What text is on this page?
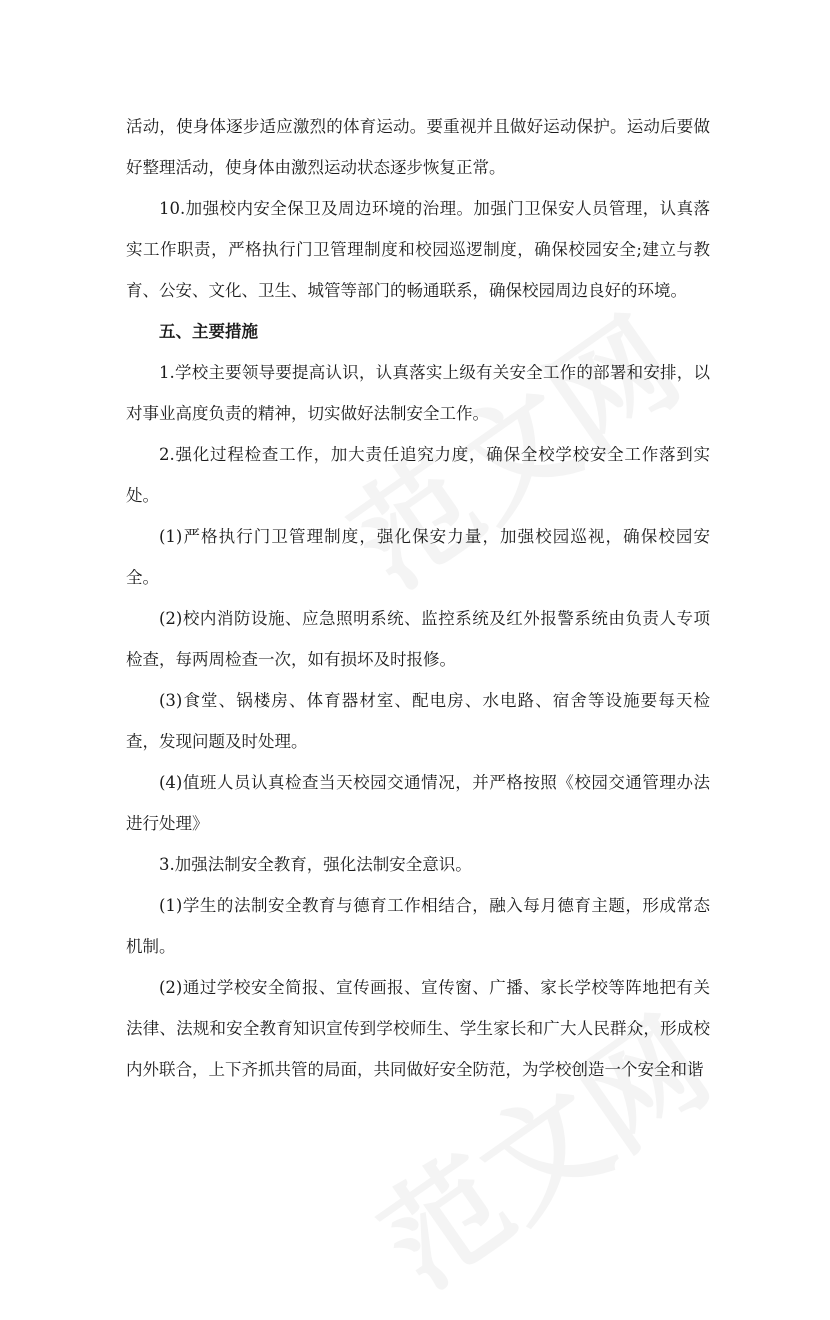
活动，使身体逐步适应激烈的体育运动。要重视并且做好运动保护。运动后要做好整理活动，使身体由激烈运动状态逐步恢复正常。

10.加强校内安全保卫及周边环境的治理。加强门卫保安人员管理，认真落实工作职责，严格执行门卫管理制度和校园巡逻制度，确保校园安全;建立与教育、公安、文化、卫生、城管等部门的畅通联系，确保校园周边良好的环境。

五、主要措施

1.学校主要领导要提高认识，认真落实上级有关安全工作的部署和安排，以对事业高度负责的精神，切实做好法制安全工作。

2.强化过程检查工作，加大责任追究力度，确保全校学校安全工作落到实处。

(1)严格执行门卫管理制度，强化保安力量，加强校园巡视，确保校园安全。

(2)校内消防设施、应急照明系统、监控系统及红外报警系统由负责人专项检查，每两周检查一次，如有损坏及时报修。

(3)食堂、锅楼房、体育器材室、配电房、水电路、宿舍等设施要每天检查，发现问题及时处理。

(4)值班人员认真检查当天校园交通情况，并严格按照《校园交通管理办法进行处理》

3.加强法制安全教育，强化法制安全意识。

(1)学生的法制安全教育与德育工作相结合，融入每月德育主题，形成常态机制。

(2)通过学校安全简报、宣传画报、宣传窗、广播、家长学校等阵地把有关法律、法规和安全教育知识宣传到学校师生、学生家长和广大人民群众，形成校内外联合，上下齐抓共管的局面，共同做好安全防范，为学校创造一个安全和谐
